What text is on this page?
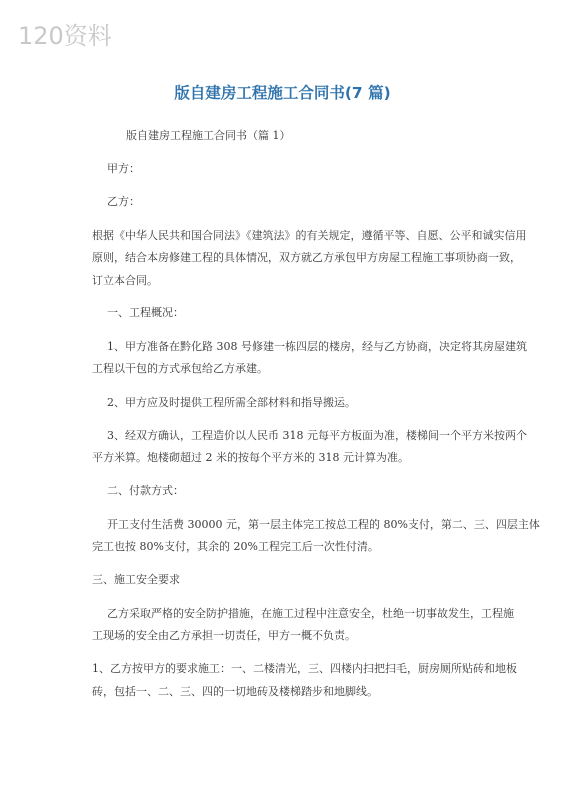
120资料
版自建房工程施工合同书(7 篇)
版自建房工程施工合同书（篇 1）
甲方：
乙方：
根据《中华人民共和国合同法》《建筑法》的有关规定，遵循平等、自愿、公平和诚实信用
原则，结合本房修建工程的具体情况，双方就乙方承包甲方房屋工程施工事项协商一致，
订立本合同。
一、工程概况：
1、甲方准备在黔化路 308 号修建一栋四层的楼房，经与乙方协商，决定将其房屋建筑
工程以干包的方式承包给乙方承建。
2、甲方应及时提供工程所需全部材料和指导搬运。
3、经双方确认，工程造价以人民币 318 元每平方板面为准，楼梯间一个平方米按两个
平方米算。炮楼砌超过 2 米的按每个平方米的 318 元计算为准。
二、付款方式：
开工支付生活费 30000 元，第一层主体完工按总工程的 80%支付，第二、三、四层主体
完工也按 80%支付，其余的 20%工程完工后一次性付清。
三、施工安全要求
乙方采取严格的安全防护措施，在施工过程中注意安全，杜绝一切事故发生，工程施
工现场的安全由乙方承担一切责任，甲方一概不负责。
1、乙方按甲方的要求施工：一、二楼清光，三、四楼内扫把扫毛，厨房厕所贴砖和地板
砖，包括一、二、三、四的一切地砖及楼梯踏步和地脚线。
